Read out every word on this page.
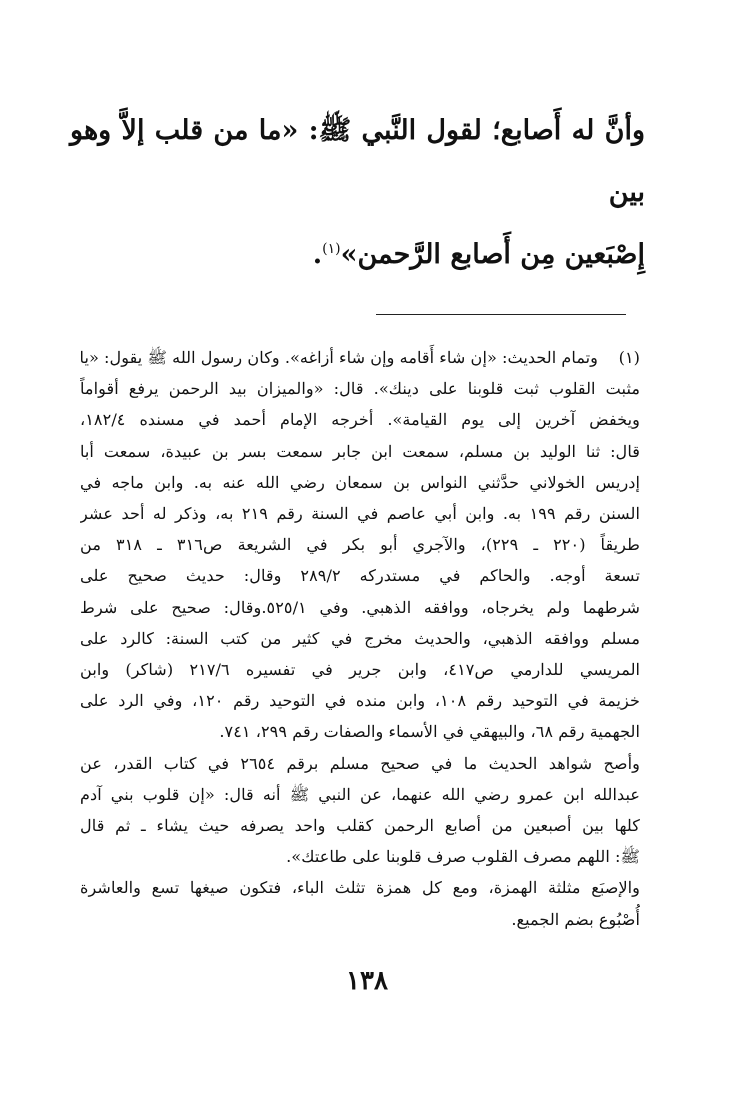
وأنَّ له أَصابع؛ لقول النَّبي ﷺ: «ما من قلب إلاَّ وهو بين

إِصْبَعين مِن أَصابع الرَّحمن»$^{(١)}$.

(١)
وتمام الحديث: «إن شاء أَقامه وإن شاء أزاغه». وكان رسول الله ﷺ يقول: «يا
مثبت القلوب ثبت قلوبنا على دينك». قال: «والميزان بيد الرحمن يرفع أقواماً
ويخفض آخرين إلى يوم القيامة». أخرجه الإمام أحمد في مسنده ١٨٢/٤،
قال: ثنا الوليد بن مسلم، سمعت ابن جابر سمعت بسر بن عبيدة، سمعت أبا
إدريس الخولاني حدَّثني النواس بن سمعان رضي الله عنه به. وابن ماجه في
السنن رقم ١٩٩ به. وابن أبي عاصم في السنة رقم ٢١٩ به، وذكر له أحد عشر
طريقاً (٢٢٠ ـ ٢٢٩)، والآجري أبو بكر في الشريعة ص٣١٦ ـ ٣١٨ من
تسعة أوجه. والحاكم في مستدركه ٢٨٩/٢ وقال: حديث صحيح على
شرطهما ولم يخرجاه، ووافقه الذهبي. وفي ٥٢٥/١.وقال: صحيح على شرط
مسلم ووافقه الذهبي، والحديث مخرج في كثير من كتب السنة: كالرد على
المريسي للدارمي ص٤١٧، وابن جرير في تفسيره ٢١٧/٦ (شاكر) وابن
خزيمة في التوحيد رقم ١٠٨، وابن منده في التوحيد رقم ١٢٠، وفي الرد على
الجهمية رقم ٦٨، والبيهقي في الأسماء والصفات رقم ٢٩٩، ٧٤١.
وأصح شواهد الحديث ما في صحيح مسلم برقم ٢٦٥٤ في كتاب القدر، عن
عبدالله ابن عمرو رضي الله عنهما، عن النبي ﷺ أنه قال: «إن قلوب بني آدم
كلها بين أصبعين من أصابع الرحمن كقلب واحد يصرفه حيث يشاء ـ ثم قال
ﷺ: اللهم مصرف القلوب صرف قلوبنا على طاعتك».
والإصبَع مثلثة الهمزة، ومع كل همزة تثلث الباء، فتكون صيغها تسع والعاشرة
أُصْبُوع بضم الجميع.
١٣٨
